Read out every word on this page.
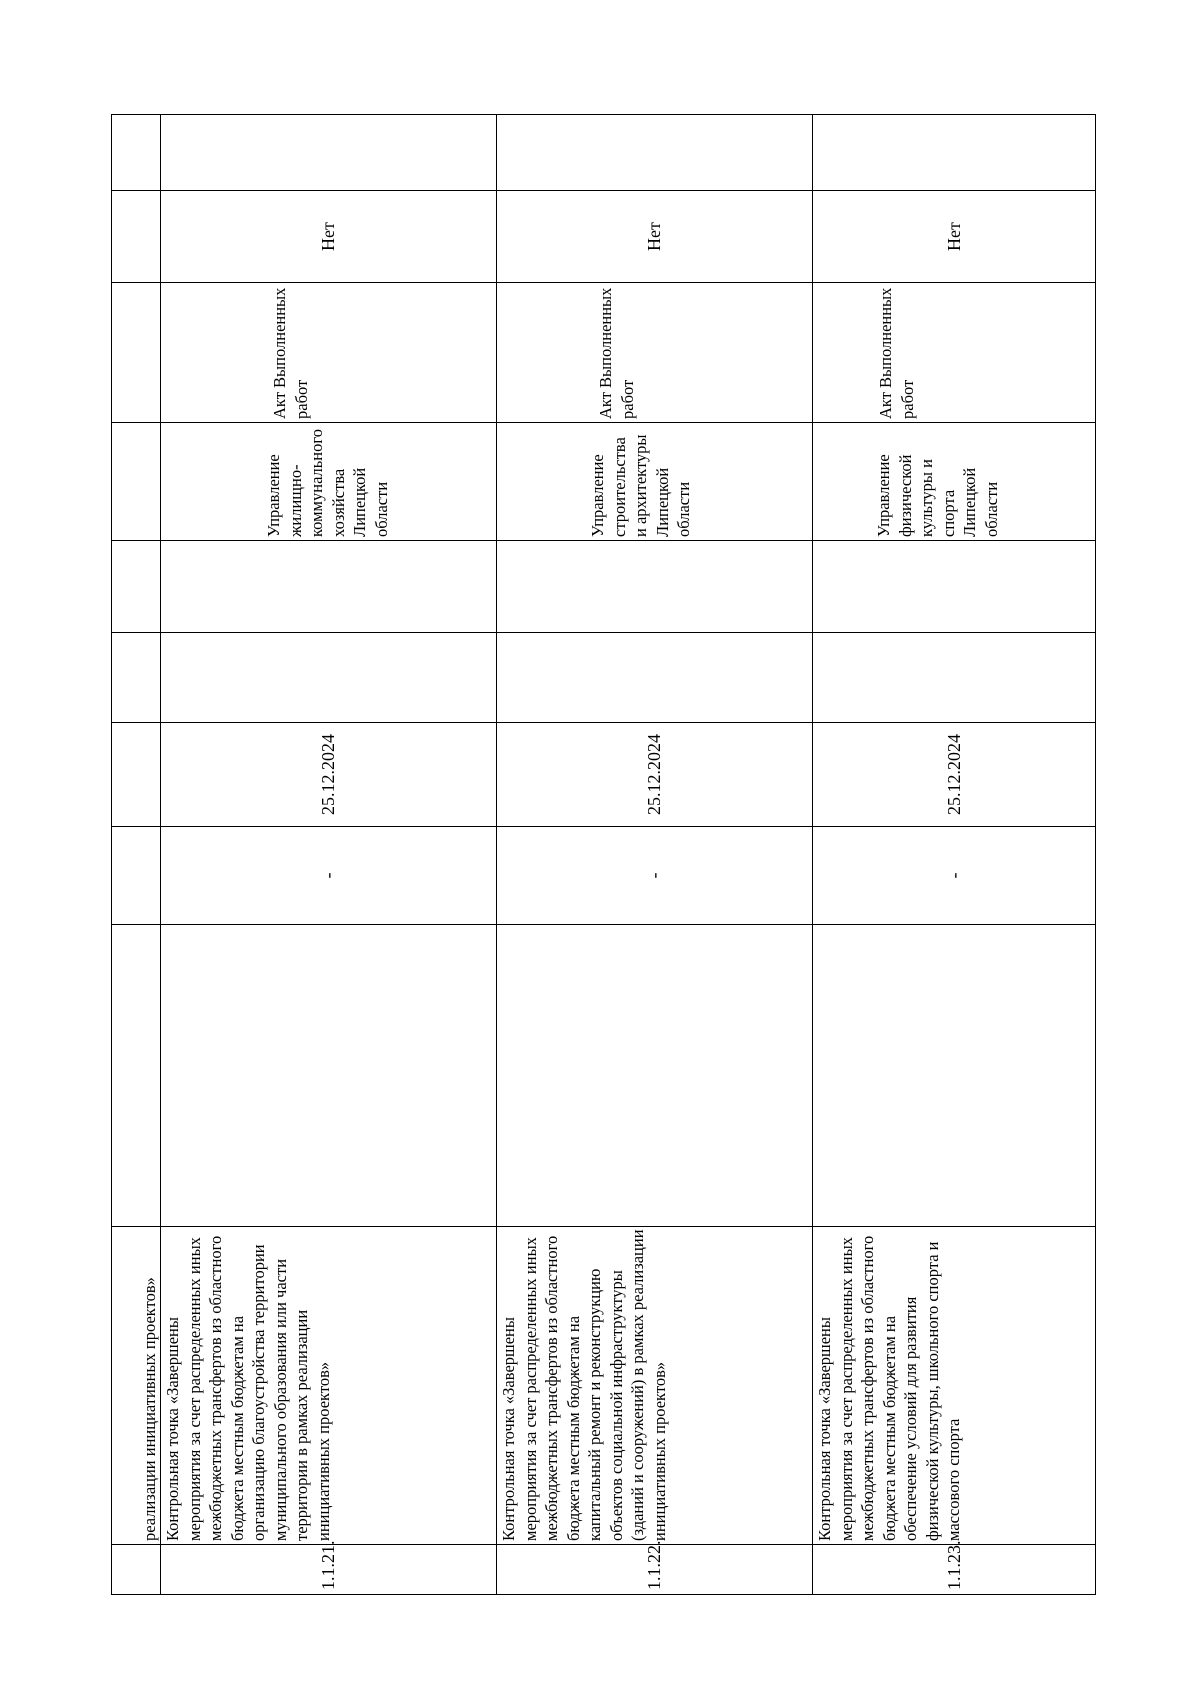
	реализации инициативных проектов»									
1.1.21.	Контрольная точка «Завершены мероприятия за счет распределенных иных межбюджетных трансфертов из областного бюджета местным бюджетам на организацию благоустройства территории муниципального образования или части территории в рамках реализации инициативных проектов»		-	25.12.2024			Управление жилищно-коммунального хозяйства Липецкой области	Акт Выполненных работ	Нет	
1.1.22.	Контрольная точка «Завершены мероприятия за счет распределенных иных межбюджетных трансфертов из областного бюджета местным бюджетам на капитальный ремонт и реконструкцию объектов социальной инфраструктуры (зданий и сооружений) в рамках реализации инициативных проектов»		-	25.12.2024			Управление строительства и архитектуры Липецкой области	Акт Выполненных работ	Нет	
1.1.23.	Контрольная точка «Завершены мероприятия за счет распределенных иных межбюджетных трансфертов из областного бюджета местным бюджетам на обеспечение условий для развития физической культуры, школьного спорта и массового спорта		-	25.12.2024			Управление физической культуры и спорта Липецкой области	Акт Выполненных работ	Нет	
